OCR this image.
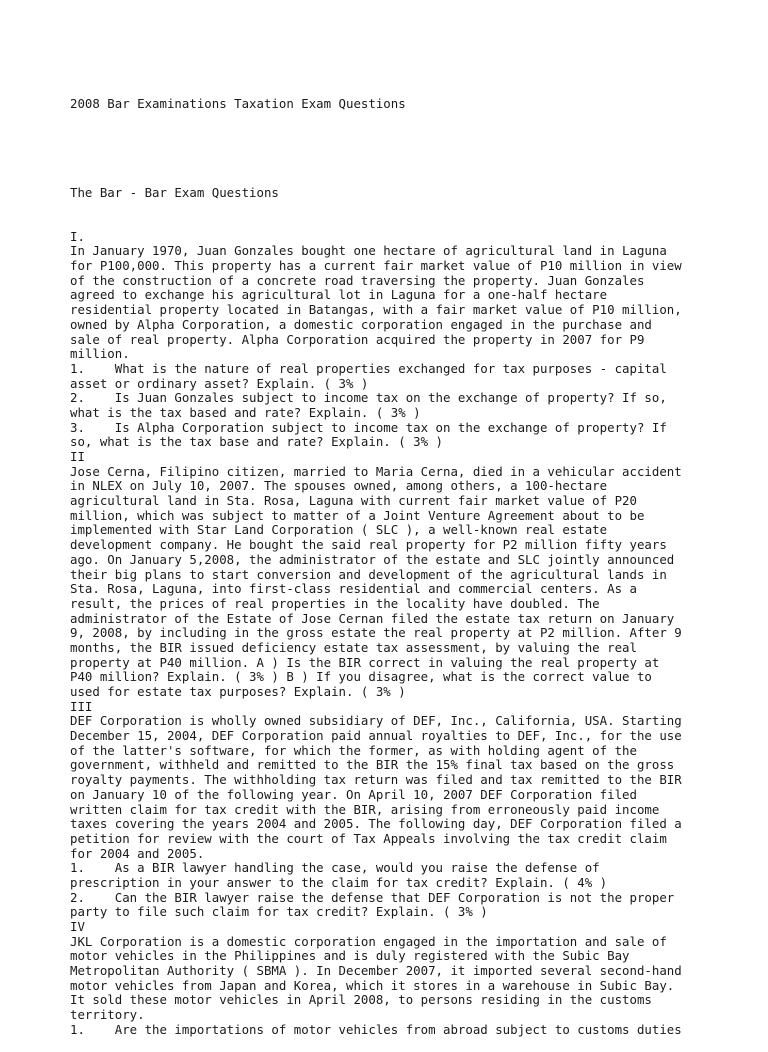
2008 Bar Examinations Taxation Exam Questions

The Bar - Bar Exam Questions

I.
In January 1970, Juan Gonzales bought one hectare of agricultural land in Laguna
for P100,000. This property has a current fair market value of P10 million in view
of the construction of a concrete road traversing the property. Juan Gonzales
agreed to exchange his agricultural lot in Laguna for a one-half hectare
residential property located in Batangas, with a fair market value of P10 million,
owned by Alpha Corporation, a domestic corporation engaged in the purchase and
sale of real property. Alpha Corporation acquired the property in 2007 for P9
million.
1.    What is the nature of real properties exchanged for tax purposes - capital
asset or ordinary asset? Explain. ( 3% )
2.    Is Juan Gonzales subject to income tax on the exchange of property? If so,
what is the tax based and rate? Explain. ( 3% )
3.    Is Alpha Corporation subject to income tax on the exchange of property? If
so, what is the tax base and rate? Explain. ( 3% )
II
Jose Cerna, Filipino citizen, married to Maria Cerna, died in a vehicular accident
in NLEX on July 10, 2007. The spouses owned, among others, a 100-hectare
agricultural land in Sta. Rosa, Laguna with current fair market value of P20
million, which was subject to matter of a Joint Venture Agreement about to be
implemented with Star Land Corporation ( SLC ), a well-known real estate
development company. He bought the said real property for P2 million fifty years
ago. On January 5,2008, the administrator of the estate and SLC jointly announced
their big plans to start conversion and development of the agricultural lands in
Sta. Rosa, Laguna, into first-class residential and commercial centers. As a
result, the prices of real properties in the locality have doubled. The
administrator of the Estate of Jose Cernan filed the estate tax return on January
9, 2008, by including in the gross estate the real property at P2 million. After 9
months, the BIR issued deficiency estate tax assessment, by valuing the real
property at P40 million. A ) Is the BIR correct in valuing the real property at
P40 million? Explain. ( 3% ) B ) If you disagree, what is the correct value to
used for estate tax purposes? Explain. ( 3% )
III
DEF Corporation is wholly owned subsidiary of DEF, Inc., California, USA. Starting
December 15, 2004, DEF Corporation paid annual royalties to DEF, Inc., for the use
of the latter's software, for which the former, as with holding agent of the
government, withheld and remitted to the BIR the 15% final tax based on the gross
royalty payments. The withholding tax return was filed and tax remitted to the BIR
on January 10 of the following year. On April 10, 2007 DEF Corporation filed
written claim for tax credit with the BIR, arising from erroneously paid income
taxes covering the years 2004 and 2005. The following day, DEF Corporation filed a
petition for review with the court of Tax Appeals involving the tax credit claim
for 2004 and 2005.
1.    As a BIR lawyer handling the case, would you raise the defense of
prescription in your answer to the claim for tax credit? Explain. ( 4% )
2.    Can the BIR lawyer raise the defense that DEF Corporation is not the proper
party to file such claim for tax credit? Explain. ( 3% )
IV
JKL Corporation is a domestic corporation engaged in the importation and sale of
motor vehicles in the Philippines and is duly registered with the Subic Bay
Metropolitan Authority ( SBMA ). In December 2007, it imported several second-hand
motor vehicles from Japan and Korea, which it stores in a warehouse in Subic Bay.
It sold these motor vehicles in April 2008, to persons residing in the customs
territory.
1.    Are the importations of motor vehicles from abroad subject to customs duties
